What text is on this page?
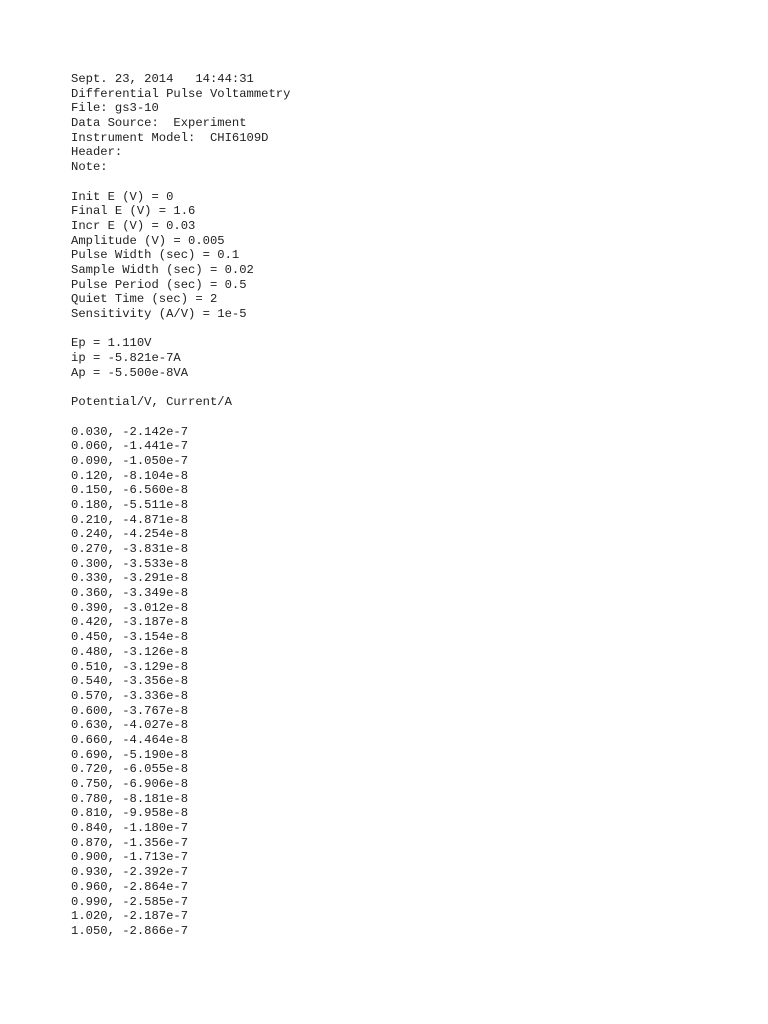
Sept. 23, 2014 14:44:31
Differential Pulse Voltammetry
File: gs3-10
Data Source:  Experiment
Instrument Model:  CHI6109D
Header:
Note:
Init E (V) = 0
Final E (V) = 1.6
Incr E (V) = 0.03
Amplitude (V) = 0.005
Pulse Width (sec) = 0.1
Sample Width (sec) = 0.02
Pulse Period (sec) = 0.5
Quiet Time (sec) = 2
Sensitivity (A/V) = 1e-5
Ep = 1.110V
ip = -5.821e-7A
Ap = -5.500e-8VA
Potential/V, Current/A
0.030, -2.142e-7
0.060, -1.441e-7
0.090, -1.050e-7
0.120, -8.104e-8
0.150, -6.560e-8
0.180, -5.511e-8
0.210, -4.871e-8
0.240, -4.254e-8
0.270, -3.831e-8
0.300, -3.533e-8
0.330, -3.291e-8
0.360, -3.349e-8
0.390, -3.012e-8
0.420, -3.187e-8
0.450, -3.154e-8
0.480, -3.126e-8
0.510, -3.129e-8
0.540, -3.356e-8
0.570, -3.336e-8
0.600, -3.767e-8
0.630, -4.027e-8
0.660, -4.464e-8
0.690, -5.190e-8
0.720, -6.055e-8
0.750, -6.906e-8
0.780, -8.181e-8
0.810, -9.958e-8
0.840, -1.180e-7
0.870, -1.356e-7
0.900, -1.713e-7
0.930, -2.392e-7
0.960, -2.864e-7
0.990, -2.585e-7
1.020, -2.187e-7
1.050, -2.866e-7
